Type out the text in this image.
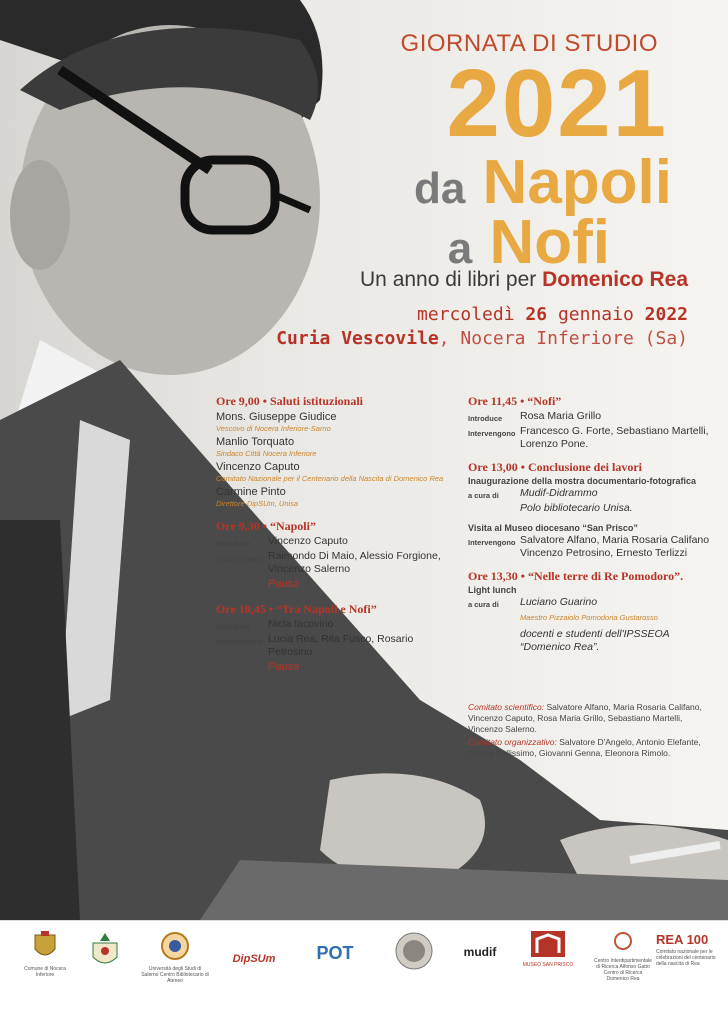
GIORNATA DI STUDIO
2021
da Napoli
a Nofi
Un anno di libri per Domenico Rea
mercoledì 26 gennaio 2022
Curia Vescovile, Nocera Inferiore (Sa)
Ore 9,00 • Saluti istituzionali
Mons. Giuseppe Giudice
Vescovo di Nocera Inferiore-Sarno
Manlio Torquato
Sindaco Città Nocera Inferiore
Vincenzo Caputo
Comitato Nazionale per il Centenario della Nascita di Domenico Rea
Carmine Pinto
Direttore DipSUm, Unisa
Ore 9,30 • “Napoli”
Introduce	Vincenzo Caputo
Intervengono Raimondo Di Maio, Alessio Forgione, Vincenzo Salerno
Pausa
Ore 10,45 • “Tra Napoli e Nofi”
Introduce	Nicla Iacovino
Intervengono Lucia Rea, Rita Fusco, Rosario Petrosino
Pausa
Ore 11,45 • “Nofi”
Introduce	Rosa Maria Grillo
Intervengono Francesco G. Forte, Sebastiano Martelli, Lorenzo Pone.
Ore 13,00 • Conclusione dei lavori
Inaugurazione della mostra documentario-fotografica
a cura di	Mudif-Didrammo
Polo bibliotecario Unisa.
Visita al Museo diocesano “San Prisco”
Intervengono Salvatore Alfano, Maria Rosaria Califano Vincenzo Petrosino, Ernesto Terlizzi
Ore 13,30 • “Nelle terre di Re Pomodoro”.
Light lunch
a cura di	Luciano Guarino
Maestro Pizzaiolo Pomodoria Gustarosso
docenti e studenti dell'IPSSEOA “Domenico Rea”.
Comitato scientifico: Salvatore Alfano, Maria Rosaria Califano, Vincenzo Caputo, Rosa Maria Grillo, Sebastiano Martelli, Vincenzo Salerno.
Comitato organizzativo: Salvatore D'Angelo, Antonio Elefante, Oriana Bellissimo, Giovanni Genna, Eleonora Rimolo.
Comune di Nocera Inferiore
Università degli Studi di Salerno Centro Bibliotecario di Ateneo
DipSUm	POT	mudif
MUSEO SAN PRISCO
Centro Interdipartimentale di Ricerca Alfonso Gatto Centro di Ricerca Domenico Rea
REA 100
Comitato nazionale per le celebrazioni del centenario della nascita di Rea
